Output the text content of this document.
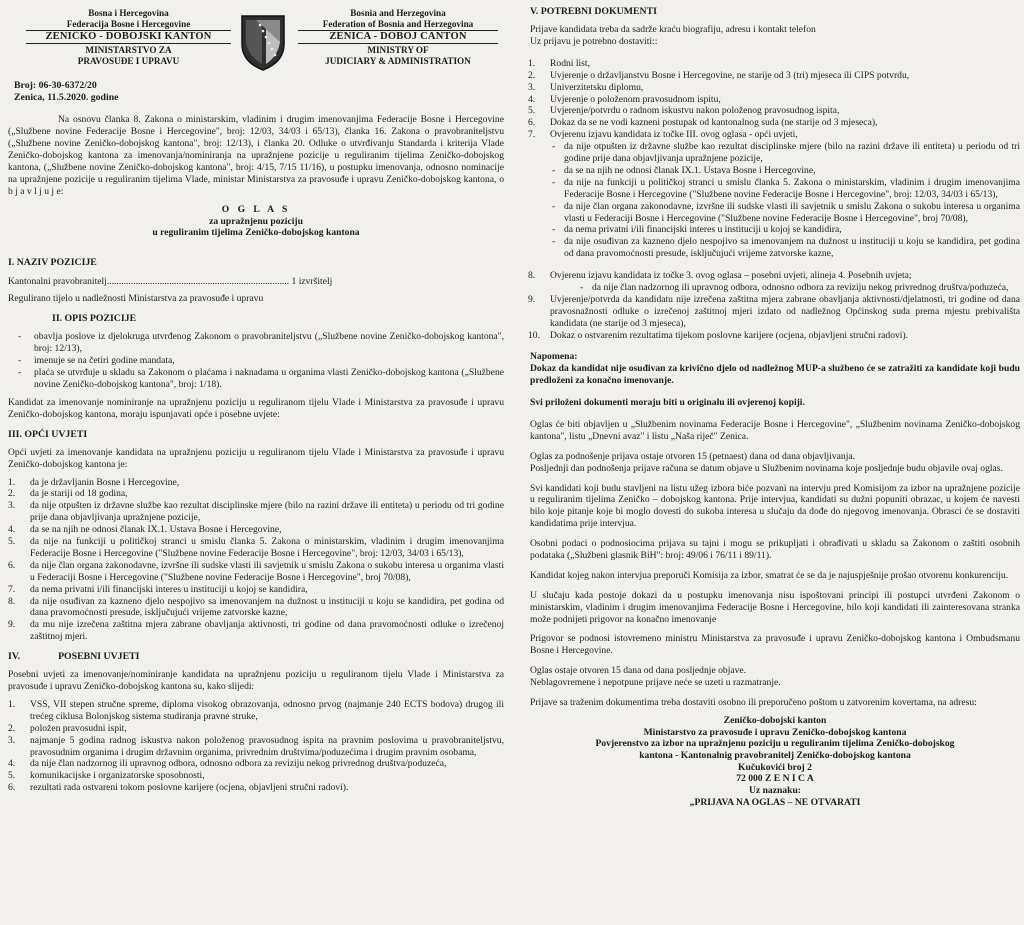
Bosna i Hercegovina
Federacija Bosne i Hercegovine
ZENIČKO - DOBOJSKI KANTON
MINISTARSTVO ZA
PRAVOSUĐE I UPRAVU
Bosnia and Herzegovina
Federation of Bosnia and Herzegovina
ZENICA - DOBOJ CANTON
MINISTRY OF
JUDICIARY & ADMINISTRATION
Broj: 06-30-6372/20
Zenica, 11.5.2020. godine

Na osnovu članka 8. Zakona o ministarskim, vladinim i drugim imenovanjima Federacije Bosne i Hercegovine („Službene novine Federacije Bosne i Hercegovine", broj: 12/03, 34/03 i 65/13), članka 16. Zakona o pravobraniteljstvu („Službene novine Zeničko-dobojskog kantona", broj: 12/13), i članka 20. Odluke o utvrđivanju Standarda i kriterija Vlade Zeničko-dobojskog kantona za imenovanja/nominiranja na upražnjene pozicije u reguliranim tijelima Zeničko-dobojskog kantona, („Službene novine Zeničko-dobojskog kantona", broj: 4/15, 7/15 11/16), u postupku imenovanja, odnosno nominacije na upražnjene pozicije u reguliranim tijelima Vlade, ministar Ministarstva za pravosuđe i upravu Zeničko-dobojskog kantona, o b j a v l j u j e:

O G L A S

za upražnjenu poziciju

u reguliranim tijelima Zeničko-dobojskog kantona

I. NAZIV POZICIJE

Kantonalni pravobranitelj............................................................................ 1 izvršitelj

Regulirano tijelo u nadležnosti Ministarstva za pravosuđe i upravu

II. OPIS POZICIJE
- obavlja poslove iz djelokruga utvrđenog Zakonom o pravobraniteljstvu („Službene novine Zeničko-dobojskog kantona", broj: 12/13),
- imenuje se na četiri godine mandata,
- plaća se utvrđuje u skladu sa Zakonom o plaćama i naknadama u organima vlasti Zeničko-dobojskog kantona („Službene novine Zeničko-dobojskog kantona", broj: 1/18).

Kandidat za imenovanje nominiranje na upražnjenu poziciju u reguliranom tijelu Vlade i Ministarstva za pravosuđe i upravu Zeničko-dobojskog kantona, moraju ispunjavati opće i posebne uvjete:

III. OPĆI UVJETI

Opći uvjeti za imenovanje kandidata na upražnjenu poziciju u reguliranom tijelu Vlade i Ministarstva za pravosuđe i upravu Zeničko-dobojskog kantona je:

1. da je državljanin Bosne i Hercegovine,
2. da je stariji od 18 godina,
3. da nije otpušten iz državne službe kao rezultat disciplinske mjere (bilo na razini države ili entiteta) u periodu od tri godine prije dana objavljivanja upražnjene pozicije,
4. da se na njih ne odnosi članak IX.1. Ustava Bosne i Hercegovine,
5. da nije na funkciji u političkoj stranci u smislu članka 5. Zakona o ministarskim, vladinim i drugim imenovanjima Federacije Bosne i Hercegovine ("Službene novine Federacije Bosne i Hercegovine", broj: 12/03, 34/03 i 65/13),
6. da nije član organa zakonodavne, izvršne ili sudske vlasti ili savjetnik u smislu Zakona o sukobu interesa u organima vlasti u Federaciji Bosne i Hercegovine ("Službene novine Federacije Bosne i Hercegovine", broj 70/08),
7. da nema privatni i/ili financijski interes u instituciji u kojoj se kandidira,
8. da nije osuđivan za kazneno djelo nespojivo sa imenovanjem na dužnost u instituciji u koju se kandidira, pet godina od dana pravomoćnosti presude, isključujući vrijeme zatvorske kazne,
9. da mu nije izrečena zaštitna mjera zabrane obavljanja aktivnosti, tri godine od dana pravomoćnosti odluke o izrečenoj zaštitnoj mjeri.
IV.	POSEBNI UVJETI

Posebni uvjeti za imenovanje/nominiranje kandidata na upražnjenu poziciju u reguliranom tijelu Vlade i Ministarstva za pravosuđe i upravu Zeničko-dobojskog kantona su, kako slijedi:

1. VSS, VII stepen stručne spreme, diploma visokog obrazovanja, odnosno prvog (najmanje 240 ECTS bodova) drugog ili trećeg ciklusa Bolonjskog sistema studiranja pravne struke,
2. položen pravosudni ispit,
3. najmanje 5 godina radnog iskustva nakon položenog pravosudnog ispita na pravnim poslovima u pravobraniteljstvu, pravosudnim organima i drugim državnim organima, privrednim društvima/poduzećima i drugim pravnim osobama,
4. da nije član nadzornog ili upravnog odbora, odnosno odbora za reviziju nekog privrednog društva/poduzeća,
5. komunikacijske i organizatorske sposobnosti,
6. rezultati rada ostvareni tokom poslovne karijere (ocjena, objavljeni stručni radovi).
V. POTREBNI DOKUMENTI

Prijave kandidata treba da sadrže kraću biografiju, adresu i kontakt telefon

Uz prijavu je potrebno dostaviti::

1. Rodni list,
2. Uvjerenje o državljanstvu Bosne i Hercegovine, ne starije od 3 (tri) mjeseca ili CIPS potvrdu,
3. Univerzitetsku diplomu,
4. Uvjerenje o položenom pravosudnom ispitu,
5. Uvjerenje/potvrdu o radnom iskustvu nakon položenog pravosudnog ispita,
6. Dokaz da se ne vodi kazneni postupak od kantonalnog suda (ne starije od 3 mjeseca),
7. Ovjerenu izjavu kandidata iz točke III. ovog oglasa - opći uvjeti,
- da nije otpušten iz državne službe kao rezultat disciplinske mjere (bilo na razini države ili entiteta) u periodu od tri godine prije dana objavljivanja upražnjene pozicije,
- da se na njih ne odnosi članak IX.1. Ustava Bosne i Hercegovine,
- da nije na funkciji u političkoj stranci u smislu članka 5. Zakona o ministarskim, vladinim i drugim imenovanjima Federacije Bosne i Hercegovine ("Službene novine Federacije Bosne i Hercegovine", broj: 12/03, 34/03 i 65/13),
- da nije član organa zakonodavne, izvršne ili sudske vlasti ili savjetnik u smislu Zakona o sukobu interesa u organima vlasti u Federaciji Bosne i Hercegovine ("Službene novine Federacije Bosne i Hercegovine", broj 70/08),
- da nema privatni i/ili financijski interes u instituciji u kojoj se kandidira,
- da nije osuđivan za kazneno djelo nespojivo sa imenovanjem na dužnost u instituciji u koju se kandidira, pet godina od dana pravomoćnosti presude, isključujući vrijeme zatvorske kazne,
8. Ovjerenu izjavu kandidata iz točke 3. ovog oglasa – posebni uvjeti, alineja 4. Posebnih uvjeta;
- da nije član nadzornog ili upravnog odbora, odnosno odbora za reviziju nekog privrednog društva/poduzeća,
9. Uvjerenje/potvrda da kandidatu nije izrečena zaštitna mjera zabrane obavljanja aktivnosti/djelatnosti, tri godine od dana pravosnažnosti odluke o izrečenoj zaštitnoj mjeri izdato od nadležnog Općinskog suda prema mjestu prebivališta kandidata (ne starije od 3 mjeseca),
10. Dokaz o ostvarenim rezultatima tijekom poslovne karijere (ocjena, objavljeni stručni radovi).

Napomena:

Dokaz da kandidat nije osuđivan za krivično djelo od nadležnog MUP-a službeno će se zatražiti za kandidate koji budu predloženi za konačno imenovanje.

Svi priloženi dokumenti moraju biti u originalu ili ovjerenoj kopiji.

Oglas će biti objavljen u „Službenim novinama Federacije Bosne i Hercegovine", „Službenim novinama Zeničko-dobojskog kantona", listu „Dnevni avaz" i listu „Naša riječ" Zenica.

Oglas za podnošenje prijava ostaje otvoren 15 (petnaest) dana od dana objavljivanja.

Posljednji dan podnošenja prijave računa se datum objave u Službenim novinama koje posljednje budu objavile ovaj oglas.

Svi kandidati koji budu stavljeni na listu užeg izbora biće pozvani na intervju pred Komisijom za izbor na upražnjene pozicije u reguliranim tijelima Zeničko – dobojskog kantona. Prije intervjua, kandidati su dužni popuniti obrazac, u kojem će navesti bilo koje pitanje koje bi moglo dovesti do sukoba interesa u slučaju da dođe do njegovog imenovanja. Obrasci će se dostaviti kandidatima prije intervjua.

Osobni podaci o podnosiocima prijava su tajni i mogu se prikupljati i obrađivati u skladu sa Zakonom o zaštiti osobnih podataka („Službeni glasnik BiH": broj: 49/06 i 76/11 i 89/11).

Kandidat kojeg nakon intervjua preporuči Komisija za izbor, smatrat će se da je najuspješnije prošao otvorenu konkurenciju.

U slučaju kada postoje dokazi da u postupku imenovanja nisu ispoštovani principi ili postupci utvrđeni Zakonom o ministarskim, vladinim i drugim imenovanjima Federacije Bosne i Hercegovine, bilo koji kandidati ili zainteresovana stranka može podnijeti prigovor na konačno imenovanje

Prigovor se podnosi istovremeno ministru Ministarstva za pravosuđe i upravu Zeničko-dobojskog kantona i Ombudsmanu Bosne i Hercegovine.

Oglas ostaje otvoren 15 dana od dana posljednje objave.

Neblagovremene i nepotpune prijave neće se uzeti u razmatranje.

Prijave sa traženim dokumentima treba dostaviti osobno ili preporučeno poštom u zatvorenim kovertama, na adresu:

Zeničko-dobojski kanton
Ministarstvo za pravosuđe i upravu Zeničko-dobojskog kantona
Povjerenstvo za izbor na upražnjenu poziciju u reguliranim tijelima Zeničko-dobojskog
kantona - Kantonalnig pravobranitelj Zeničko-dobojskog kantona
Kučukovići broj 2
72 000 Z E N I C A
Uz naznaku:
„PRIJAVA NA OGLAS – NE OTVARATI
